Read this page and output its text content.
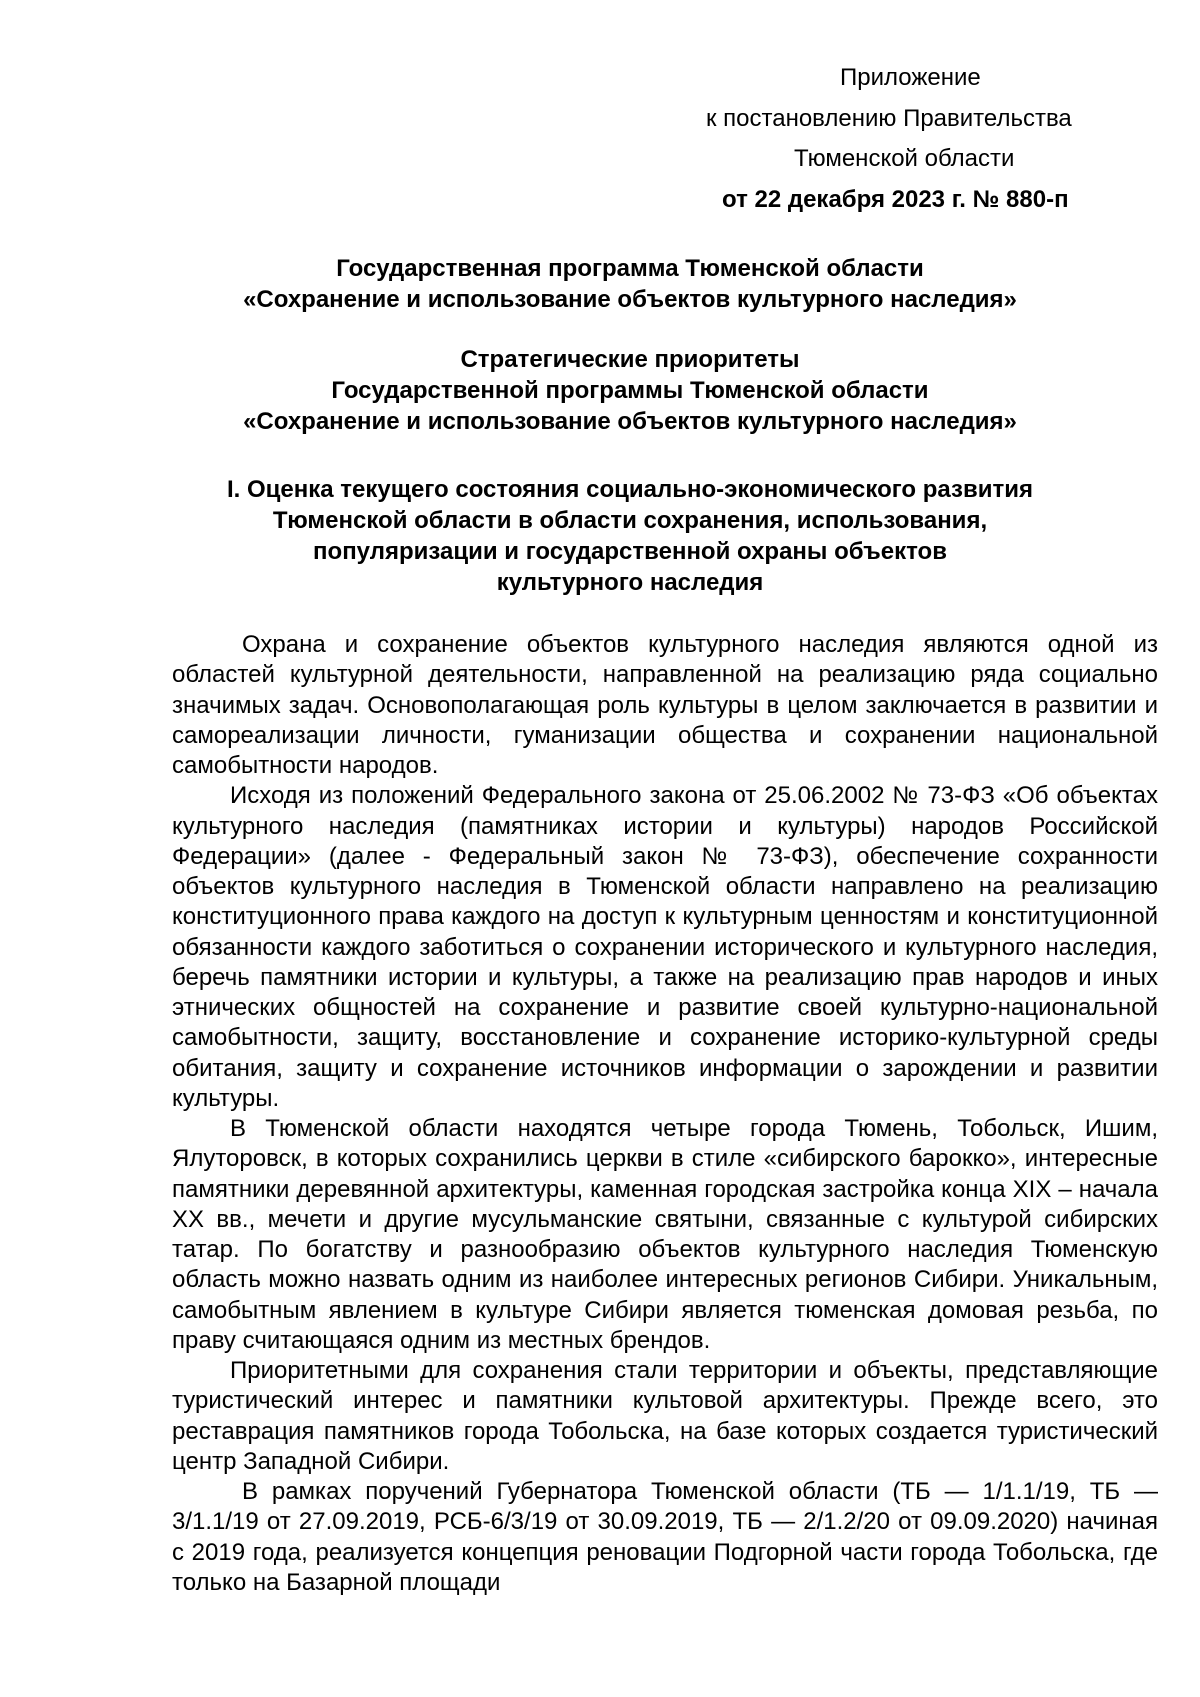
Приложение
к постановлению Правительства
Тюменской области
от 22 декабря 2023 г. № 880-п
Государственная программа Тюменской области
«Сохранение и использование объектов культурного наследия»
Стратегические приоритеты
Государственной программы Тюменской области
«Сохранение и использование объектов культурного наследия»
I. Оценка текущего состояния социально-экономического развития
Тюменской области в области сохранения, использования,
популяризации и государственной охраны объектов
культурного наследия

Охрана и сохранение объектов культурного наследия являются одной из областей культурной деятельности, направленной на реализацию ряда социально значимых задач. Основополагающая роль культуры в целом заключается в развитии и самореализации личности, гуманизации общества и сохранении национальной самобытности народов.

Исходя из положений Федерального закона от 25.06.2002 № 73-ФЗ «Об объектах культурного наследия (памятниках истории и культуры) народов Российской Федерации» (далее - Федеральный закон № 73-ФЗ), обеспечение сохранности объектов культурного наследия в Тюменской области направлено на реализацию конституционного права каждого на доступ к культурным ценностям и конституционной обязанности каждого заботиться о сохранении исторического и культурного наследия, беречь памятники истории и культуры, а также на реализацию прав народов и иных этнических общностей на сохранение и развитие своей культурно-национальной самобытности, защиту, восстановление и сохранение историко-культурной среды обитания, защиту и сохранение источников информации о зарождении и развитии культуры.

В Тюменской области находятся четыре города Тюмень, Тобольск, Ишим, Ялуторовск, в которых сохранились церкви в стиле «сибирского барокко», интересные памятники деревянной архитектуры, каменная городская застройка конца XIX – начала XX вв., мечети и другие мусульманские святыни, связанные с культурой сибирских татар. По богатству и разнообразию объектов культурного наследия Тюменскую область можно назвать одним из наиболее интересных регионов Сибири. Уникальным, самобытным явлением в культуре Сибири является тюменская домовая резьба, по праву считающаяся одним из местных брендов.

Приоритетными для сохранения стали территории и объекты, представляющие туристический интерес и памятники культовой архитектуры. Прежде всего, это реставрация памятников города Тобольска, на базе которых создается туристический центр Западной Сибири.

В рамках поручений Губернатора Тюменской области (ТБ — 1/1.1/19, ТБ — 3/1.1/19 от 27.09.2019, РСБ-6/3/19 от 30.09.2019, ТБ — 2/1.2/20 от 09.09.2020) начиная с 2019 года, реализуется концепция реновации Подгорной части города Тобольска, где только на Базарной площади
